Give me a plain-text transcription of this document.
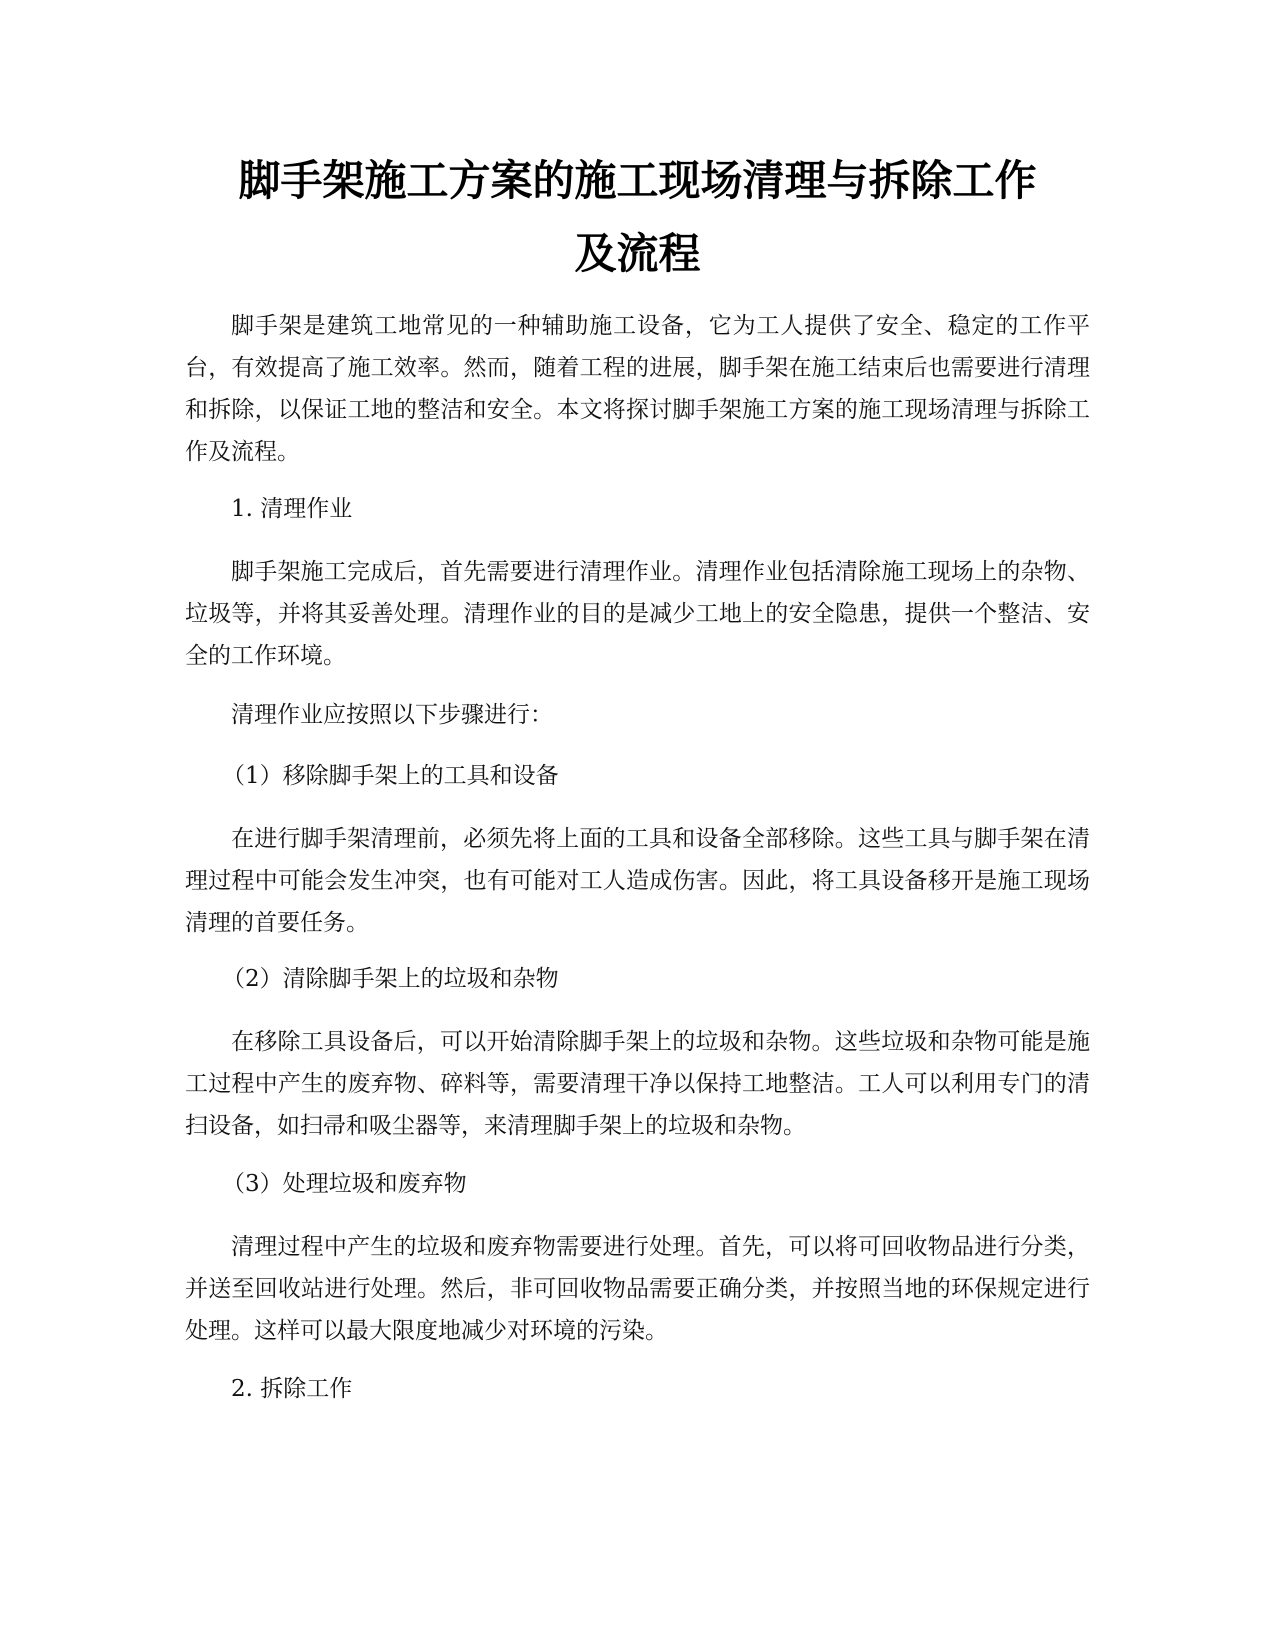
脚手架施工方案的施工现场清理与拆除工作
及流程

脚手架是建筑工地常见的一种辅助施工设备，它为工人提供了安全、稳定的工作平台，有效提高了施工效率。然而，随着工程的进展，脚手架在施工结束后也需要进行清理和拆除，以保证工地的整洁和安全。本文将探讨脚手架施工方案的施工现场清理与拆除工作及流程。

1. 清理作业

脚手架施工完成后，首先需要进行清理作业。清理作业包括清除施工现场上的杂物、垃圾等，并将其妥善处理。清理作业的目的是减少工地上的安全隐患，提供一个整洁、安全的工作环境。

清理作业应按照以下步骤进行：

（1）移除脚手架上的工具和设备

在进行脚手架清理前，必须先将上面的工具和设备全部移除。这些工具与脚手架在清理过程中可能会发生冲突，也有可能对工人造成伤害。因此，将工具设备移开是施工现场清理的首要任务。

（2）清除脚手架上的垃圾和杂物

在移除工具设备后，可以开始清除脚手架上的垃圾和杂物。这些垃圾和杂物可能是施工过程中产生的废弃物、碎料等，需要清理干净以保持工地整洁。工人可以利用专门的清扫设备，如扫帚和吸尘器等，来清理脚手架上的垃圾和杂物。

（3）处理垃圾和废弃物

清理过程中产生的垃圾和废弃物需要进行处理。首先，可以将可回收物品进行分类，并送至回收站进行处理。然后，非可回收物品需要正确分类，并按照当地的环保规定进行处理。这样可以最大限度地减少对环境的污染。

2. 拆除工作
